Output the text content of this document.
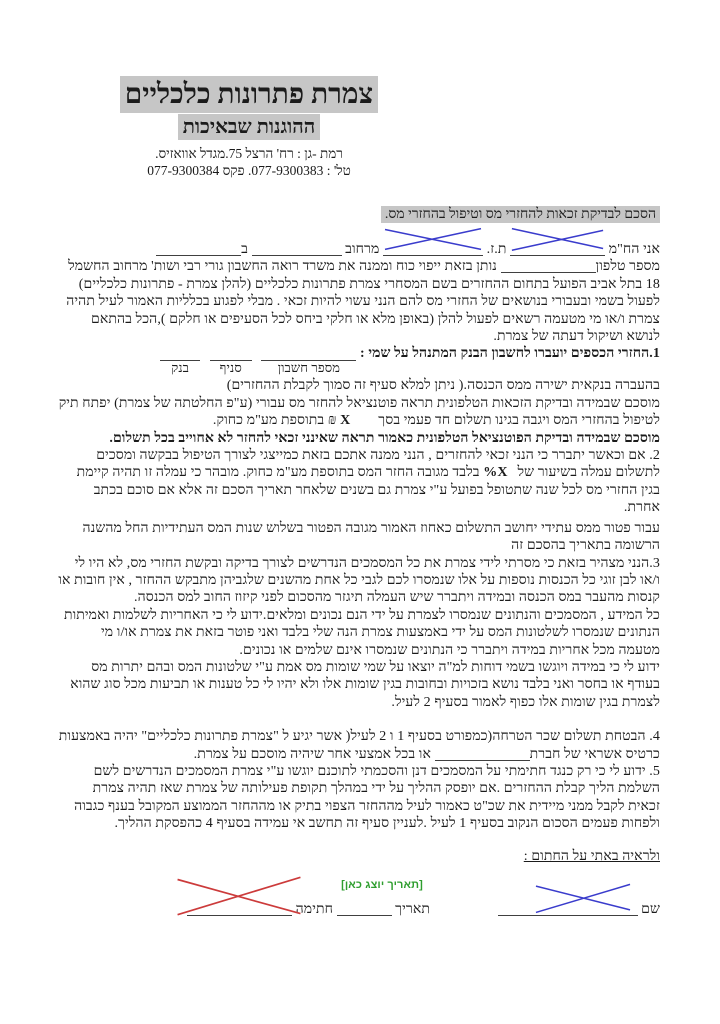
צמרת פתרונות כלכליים
ההוגנות שבאיכות
רמת -גן : רח' הרצל 75.מגדל אוואזיס.
טל' : 077-9300383. פקס 077-9300384
הסכם לבדיקת זכאות להחזרי מס וטיפול בהחזרי מס.
אני הח"מ
ת.ז.
מרחוב  ב

מספר טלפון נותן בזאת ייפוי כוח וממנה את משרד רואה החשבון גורי רבי ושות' מרחוב החשמל 18 בתל אביב הפועל בתחום ההחזרים בשם המסחרי צמרת פתרונות כלכליים (להלן צמרת - פתרונות כלכליים) לפעול בשמי ובעבורי בנושאים של החזרי מס להם הנני עשוי להיות זכאי . מבלי לפגוע בכלליות האמור לעיל תהיה צמרת ו/או מי מטעמה רשאים לפעול להלן (באופן מלא או חלקי ביחס לכל הסעיפים או חלקם ),הכל בהתאם לנושא ושיקול דעתה של צמרת.

1.החזרי הכספים יועברו לחשבון הבנק המתנהל על שמי :
מספר חשבון

סניף

בנק

בהעברה בנקאית ישירה ממס הכנסה.( ניתן למלא סעיף זה סמוך לקבלת ההחזרים)

מוסכם שבמידה ובדיקת הזכאות הטלפונית תראה פוטנציאל להחזר מס עבורי (ע"פ החלטתה של צמרת) יפתח תיק לטיפול בהחזרי המס ויגבה בגינו תשלום חד פעמי בסךX ₪ בתוספת מע"מ כחוק.

מוסכם שבמידה ובדיקת הפוטנציאל הטלפונית כאמור תראה שאינני זכאי להחזר לא אחוייב בכל תשלום.

2. אם וכאשר יתברר כי הנני זכאי להחזרים , הנני ממנה אתכם בזאת כמייצגי לצורך הטיפול בבקשה ומסכים לתשלום עמלה בשיעור שלX% בלבד מגובה החזר המס בתוספת מע"מ כחוק. מובהר כי עמלה זו תהיה קיימת בגין החזרי מס לכל שנה שתטופל בפועל ע"י צמרת גם בשנים שלאחר תאריך הסכם זה אלא אם סוכם בכתב אחרת.

עבור פטור ממס עתידי יחושב התשלום כאחוז האמור מגובה הפטור בשלוש שנות המס העתידיות החל מהשנה הרשומה בתאריך בהסכם זה

3.הנני מצהיר בזאת כי מסרתי לידי צמרת את כל המסמכים הנדרשים לצורך בדיקה ובקשת החזרי מס, לא היו לי ו/או לבן זוגי כל הכנסות נוספות על אלו שנמסרו לכם לגבי כל אחת מהשנים שלגביהן מתבקש ההחזר , אין חובות או קנסות מהעבר במס הכנסה ובמידה ויתברר שיש העמלה תיגזר מהסכום לפני קיזוז החוב למס הכנסה.

כל המידע , המסמכים והנתונים שנמסרו לצמרת על ידי הנם נכונים ומלאים.ידוע לי כי האחריות לשלמות ואמיתות הנתונים שנמסרו לשלטונות המס על ידי באמצעות צמרת הנה שלי בלבד ואני פוטר בזאת את צמרת או/ו מי מטעמה מכל אחריות במידה ויתברר כי הנתונים שנמסרו אינם שלמים או נכונים.

ידוע לי כי במידה ויוגשו בשמי דוחות למ"ה יוצאו על שמי שומות מס אמת ע"י שלטונות המס ובהם יתרות מס בעודף או בחסר ואני בלבד נושא בזכויות ובחובות בגין שומות אלו ולא יהיו לי כל טענות או תביעות מכל סוג שהוא לצמרת בגין שומות אלו כפוף לאמור בסעיף 2 לעיל.

4. הבטחת תשלום שכר הטרחה(כמפורט בסעיף 1 ו 2 לעיל( אשר יגיע ל "צמרת פתרונות כלכליים" יהיה באמצעות כרטיס אשראי של חברת או בכל אמצעי אחר שיהיה מוסכם על צמרת.

5. ידוע לי כי רק כנגד חתימתי על המסמכים דנן והסכמתי לתוכנם יוגשו ע"י צמרת המסמכים הנדרשים לשם השלמת הליך קבלת ההחזרים .אם יופסק ההליך על ידי במהלך תקופת פעילותה של צמרת שאז תהיה צמרת זכאית לקבל ממני מיידית את שכ"ט כאמור לעיל מההחזר הצפוי בתיק או מההחזר הממוצע המקובל בענף כגבוה ולפחות פעמים הסכום הנקוב בסעיף 1 לעיל .לעניין סעיף זה תחשב אי עמידה בסעיף 4 כהפסקת ההליך.

ולראיה באתי על החתום :
[תאריך יוצג כאן]
שם
תאריך
חתימה
